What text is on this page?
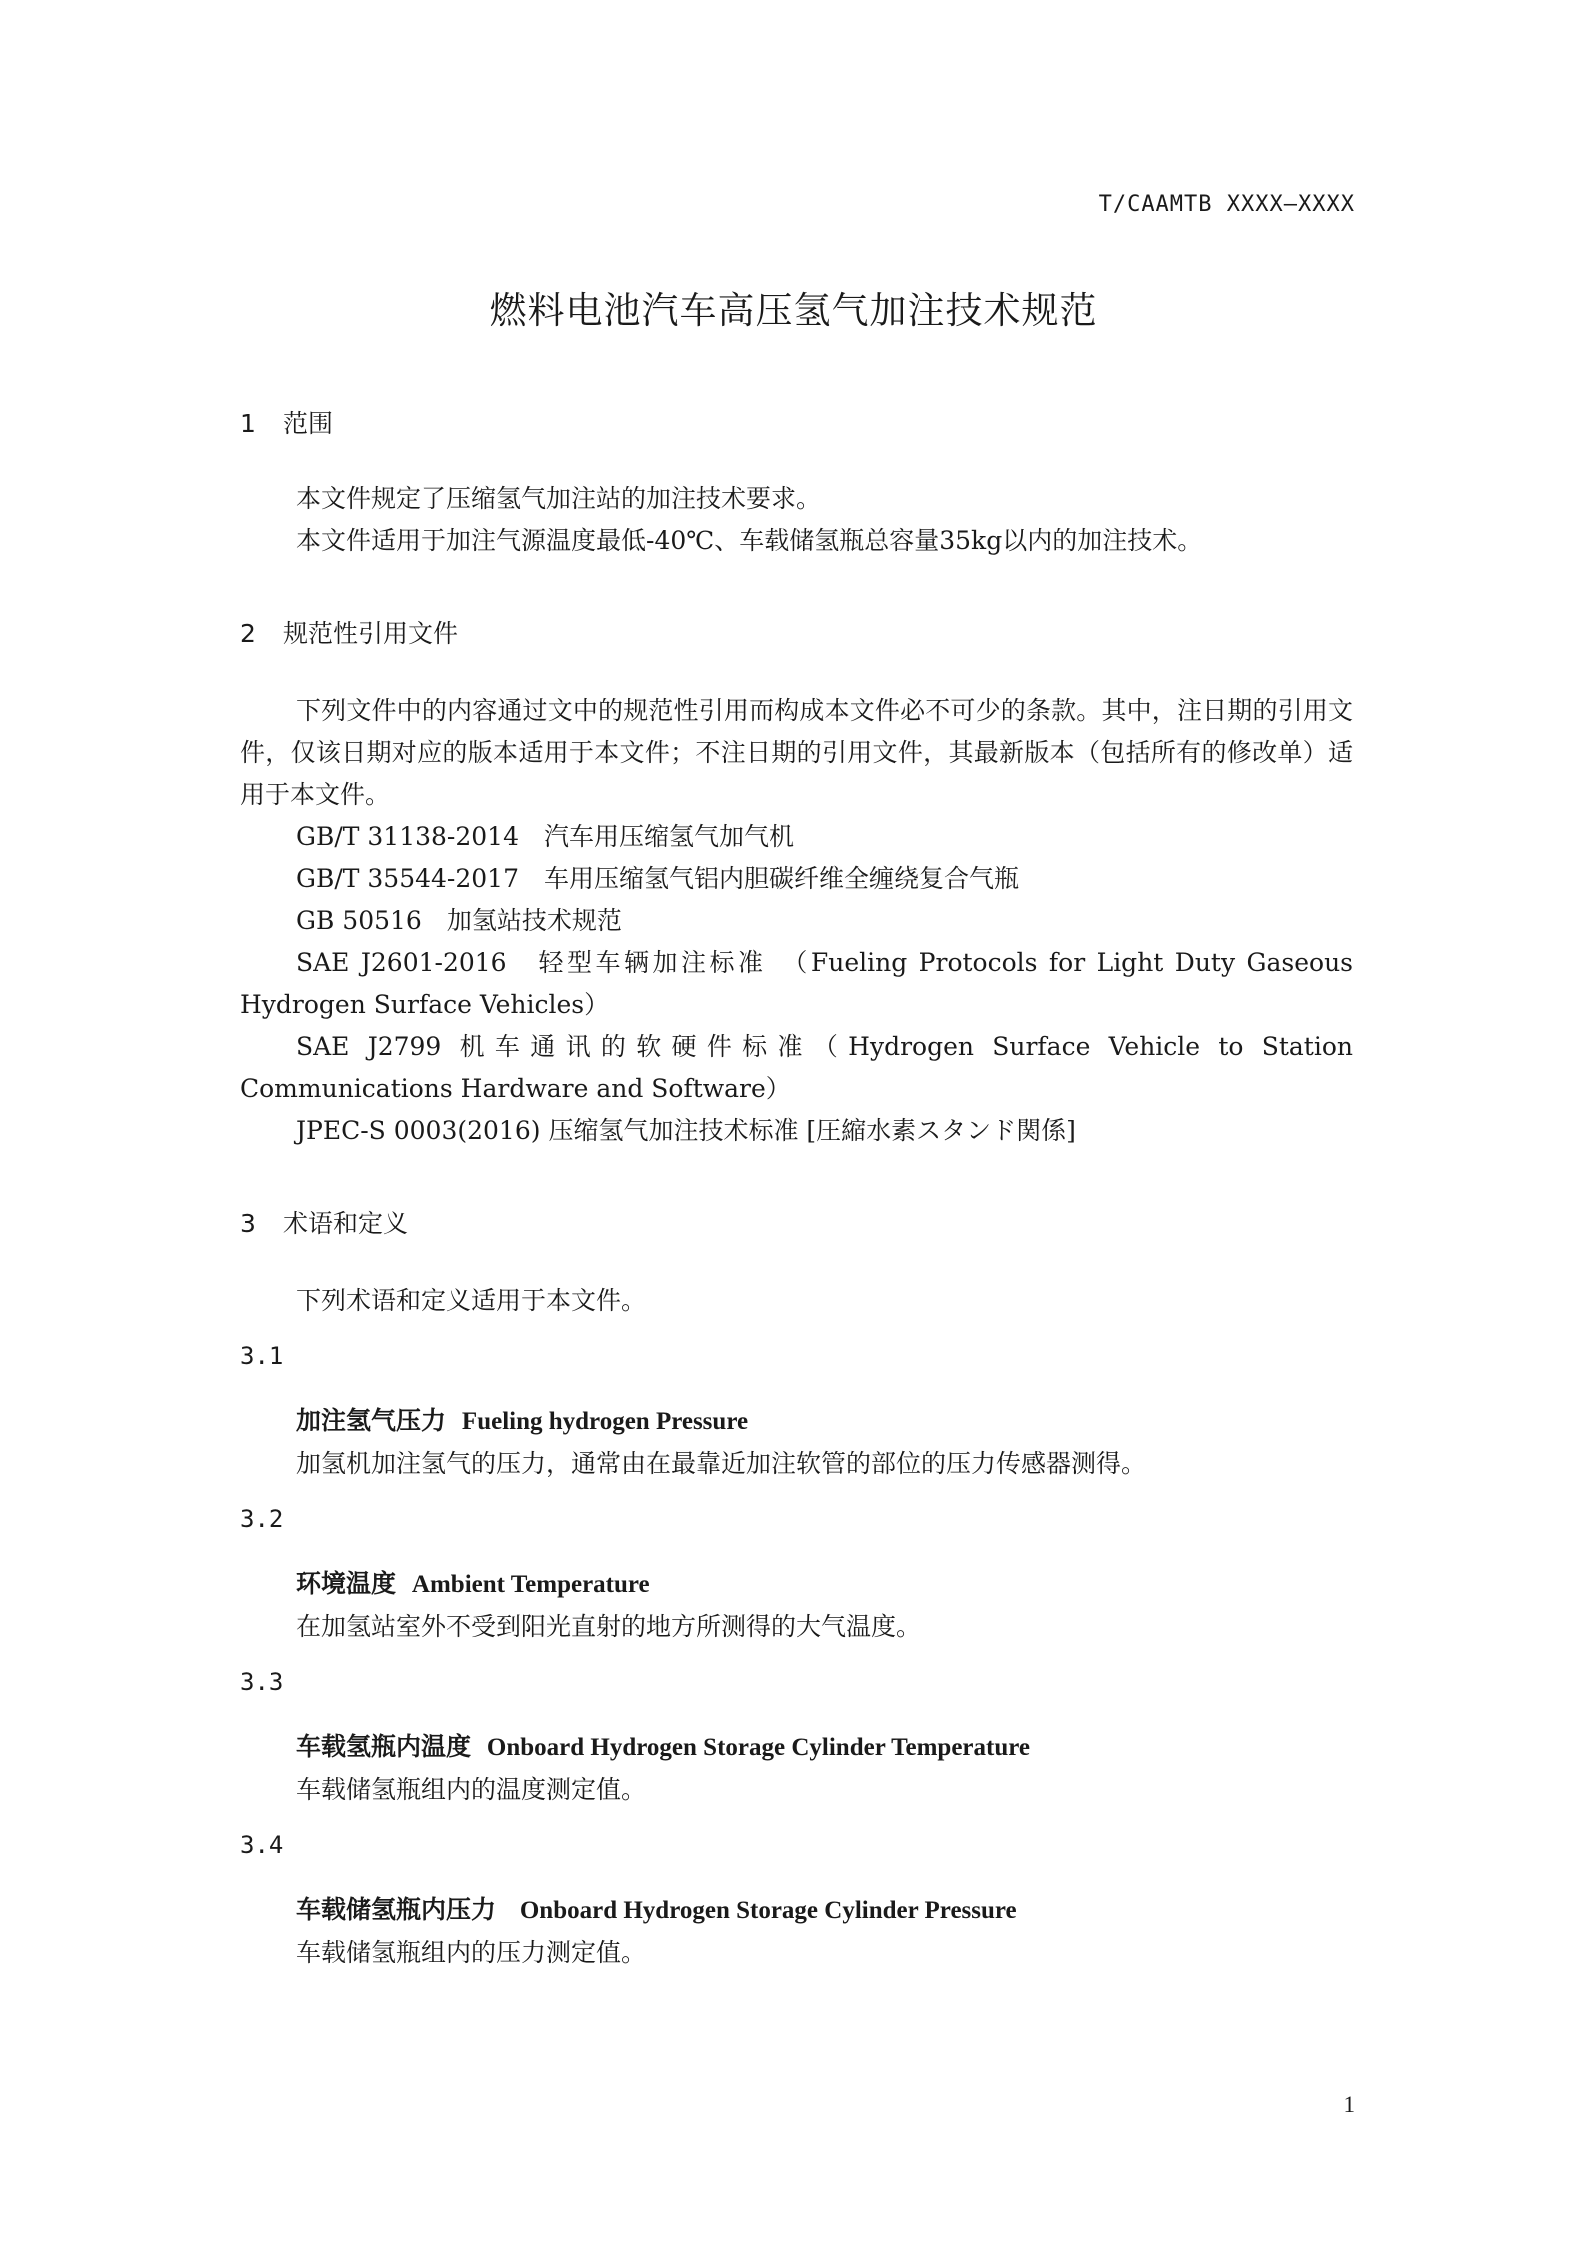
T/CAAMTB XXXX—XXXX
燃料电池汽车高压氢气加注技术规范
1	范围

本文件规定了压缩氢气加注站的加注技术要求。

本文件适用于加注气源温度最低-40℃、车载储氢瓶总容量35kg以内的加注技术。

2	规范性引用文件

下列文件中的内容通过文中的规范性引用而构成本文件必不可少的条款。其中，注日期的引用文件，仅该日期对应的版本适用于本文件；不注日期的引用文件，其最新版本（包括所有的修改单）适用于本文件。

GB/T 31138-2014　汽车用压缩氢气加气机

GB/T 35544-2017　车用压缩氢气铝内胆碳纤维全缠绕复合气瓶

GB 50516　加氢站技术规范

SAE J2601-2016　轻型车辆加注标准　（Fueling Protocols for Light Duty Gaseous Hydrogen Surface Vehicles）

SAE J2799 机车通讯的软硬件标准（Hydrogen Surface Vehicle to Station Communications Hardware and Software）

JPEC-S 0003(2016) 压缩氢气加注技术标准 [圧縮水素スタンド関係]

3	术语和定义

下列术语和定义适用于本文件。

3.1
加注氢气压力 Fueling hydrogen Pressure

加氢机加注氢气的压力，通常由在最靠近加注软管的部位的压力传感器测得。

3.2
环境温度 Ambient Temperature

在加氢站室外不受到阳光直射的地方所测得的大气温度。

3.3
车载氢瓶内温度 Onboard Hydrogen Storage Cylinder Temperature

车载储氢瓶组内的温度测定值。

3.4
车载储氢瓶内压力 Onboard Hydrogen Storage Cylinder Pressure

车载储氢瓶组内的压力测定值。

1
